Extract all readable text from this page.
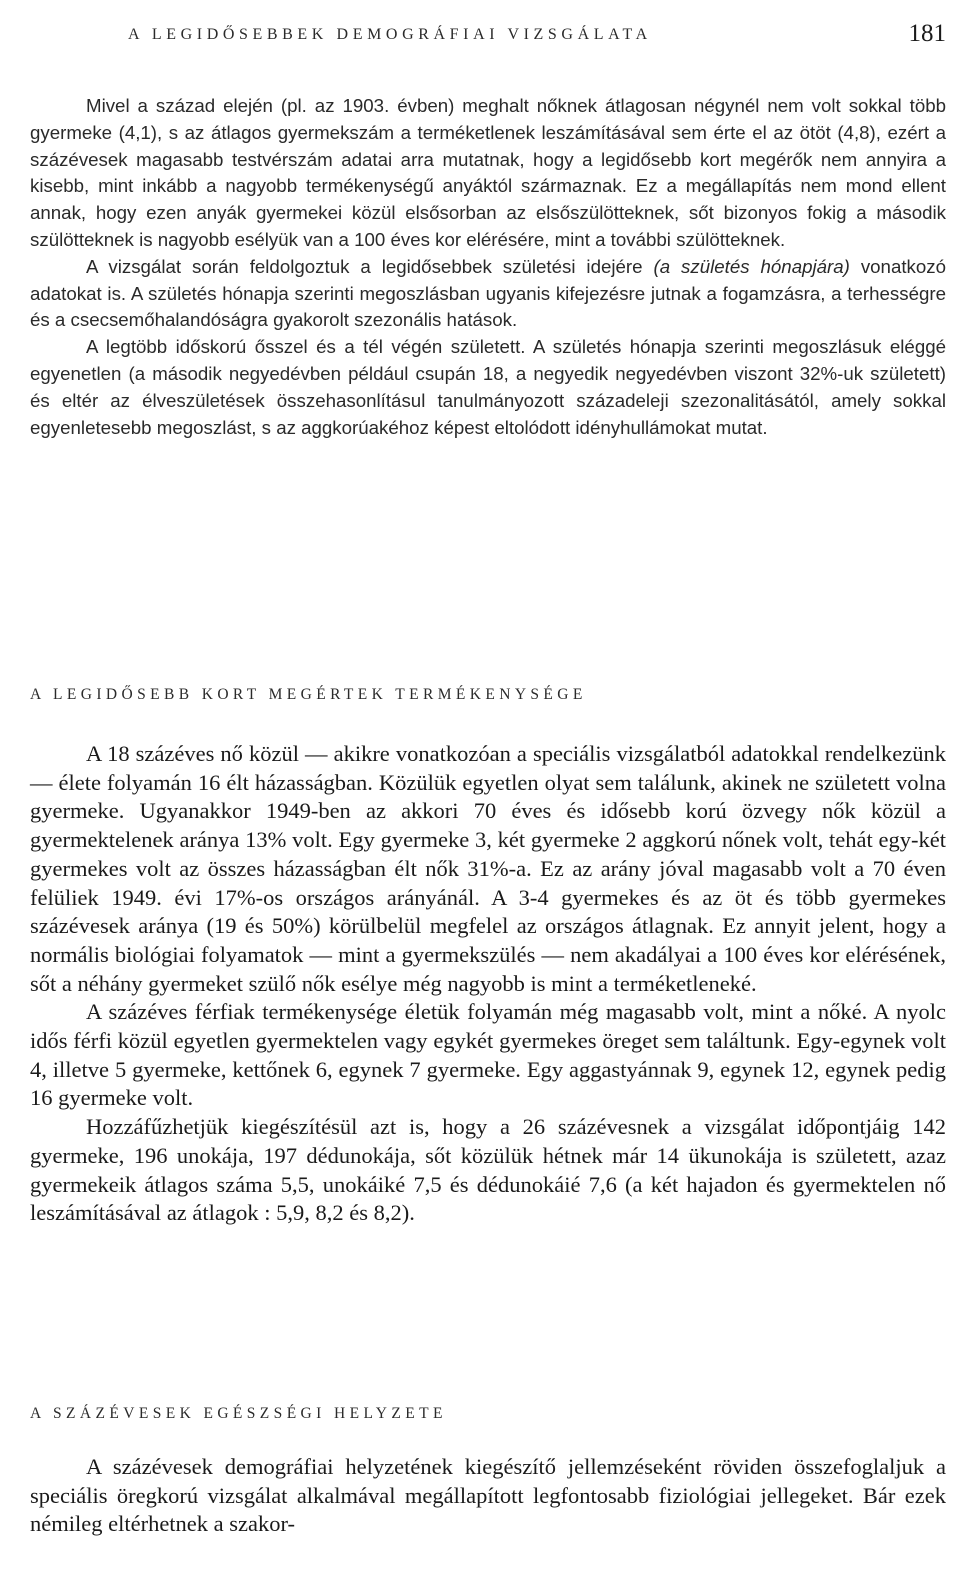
A LEGIDŐSEBBEK DEMOGRÁFIAI VIZSGÁLATA	181

Mivel a század elején (pl. az 1903. évben) meghalt nőknek átlagosan négynél nem volt sokkal több gyermeke (4,1), s az átlagos gyermekszám a terméketlenek leszámításával sem érte el az ötöt (4,8), ezért a százévesek magasabb testvérszám adatai arra mutatnak, hogy a legidősebb kort megérők nem annyira a kisebb, mint inkább a nagyobb termékenységű anyáktól származnak. Ez a megállapítás nem mond ellent annak, hogy ezen anyák gyermekei közül elsősorban az elsőszülötteknek, sőt bizonyos fokig a második szülötteknek is nagyobb esélyük van a 100 éves kor elérésére, mint a további szülötteknek.

A vizsgálat során feldolgoztuk a legidősebbek születési idejére (a születés hónapjára) vonatkozó adatokat is. A születés hónapja szerinti megoszlásban ugyanis kifejezésre jutnak a fogamzásra, a terhességre és a csecsemőhalandóságra gyakorolt szezonális hatások.

A legtöbb időskorú ősszel és a tél végén született. A születés hónapja szerinti megoszlásuk eléggé egyenetlen (a második negyedévben például csupán 18, a negyedik negyedévben viszont 32%-uk született) és eltér az élveszületések összehasonlításul tanulmányozott századeleji szezonalitásától, amely sokkal egyenletesebb megoszlást, s az aggkorúakéhoz képest eltolódott idényhullámokat mutat.

A LEGIDŐSEBB KORT MEGÉRTEK TERMÉKENYSÉGE

A 18 százéves nő közül — akikre vonatkozóan a speciális vizsgálatból adatokkal rendelkezünk — élete folyamán 16 élt házasságban. Közülük egyetlen olyat sem találunk, akinek ne született volna gyermeke. Ugyanakkor 1949-ben az akkori 70 éves és idősebb korú özvegy nők közül a gyermektelenek aránya 13% volt. Egy gyermeke 3, két gyermeke 2 aggkorú nőnek volt, tehát egy-két gyermekes volt az összes házasságban élt nők 31%-a. Ez az arány jóval magasabb volt a 70 éven felüliek 1949. évi 17%-os országos arányánál. A 3-4 gyermekes és az öt és több gyermekes százévesek aránya (19 és 50%) körülbelül megfelel az országos átlagnak. Ez annyit jelent, hogy a normális biológiai folyamatok — mint a gyermekszülés — nem akadályai a 100 éves kor elérésének, sőt a néhány gyermeket szülő nők esélye még nagyobb is mint a terméketleneké.

A százéves férfiak termékenysége életük folyamán még magasabb volt, mint a nőké. A nyolc idős férfi közül egyetlen gyermektelen vagy egykét gyermekes öreget sem találtunk. Egy-egynek volt 4, illetve 5 gyermeke, kettőnek 6, egynek 7 gyermeke. Egy aggastyánnak 9, egynek 12, egynek pedig 16 gyermeke volt.

Hozzáfűzhetjük kiegészítésül azt is, hogy a 26 százévesnek a vizsgálat időpontjáig 142 gyermeke, 196 unokája, 197 dédunokája, sőt közülük hétnek már 14 ükunokája is született, azaz gyermekeik átlagos száma 5,5, unokáiké 7,5 és dédunokáié 7,6 (a két hajadon és gyermektelen nő leszámításával az átlagok : 5,9, 8,2 és 8,2).

A SZÁZÉVESEK EGÉSZSÉGI HELYZETE

A százévesek demográfiai helyzetének kiegészítő jellemzéseként röviden összefoglaljuk a speciális öregkorú vizsgálat alkalmával megállapított legfontosabb fiziológiai jellegeket. Bár ezek némileg eltérhetnek a szakor-
